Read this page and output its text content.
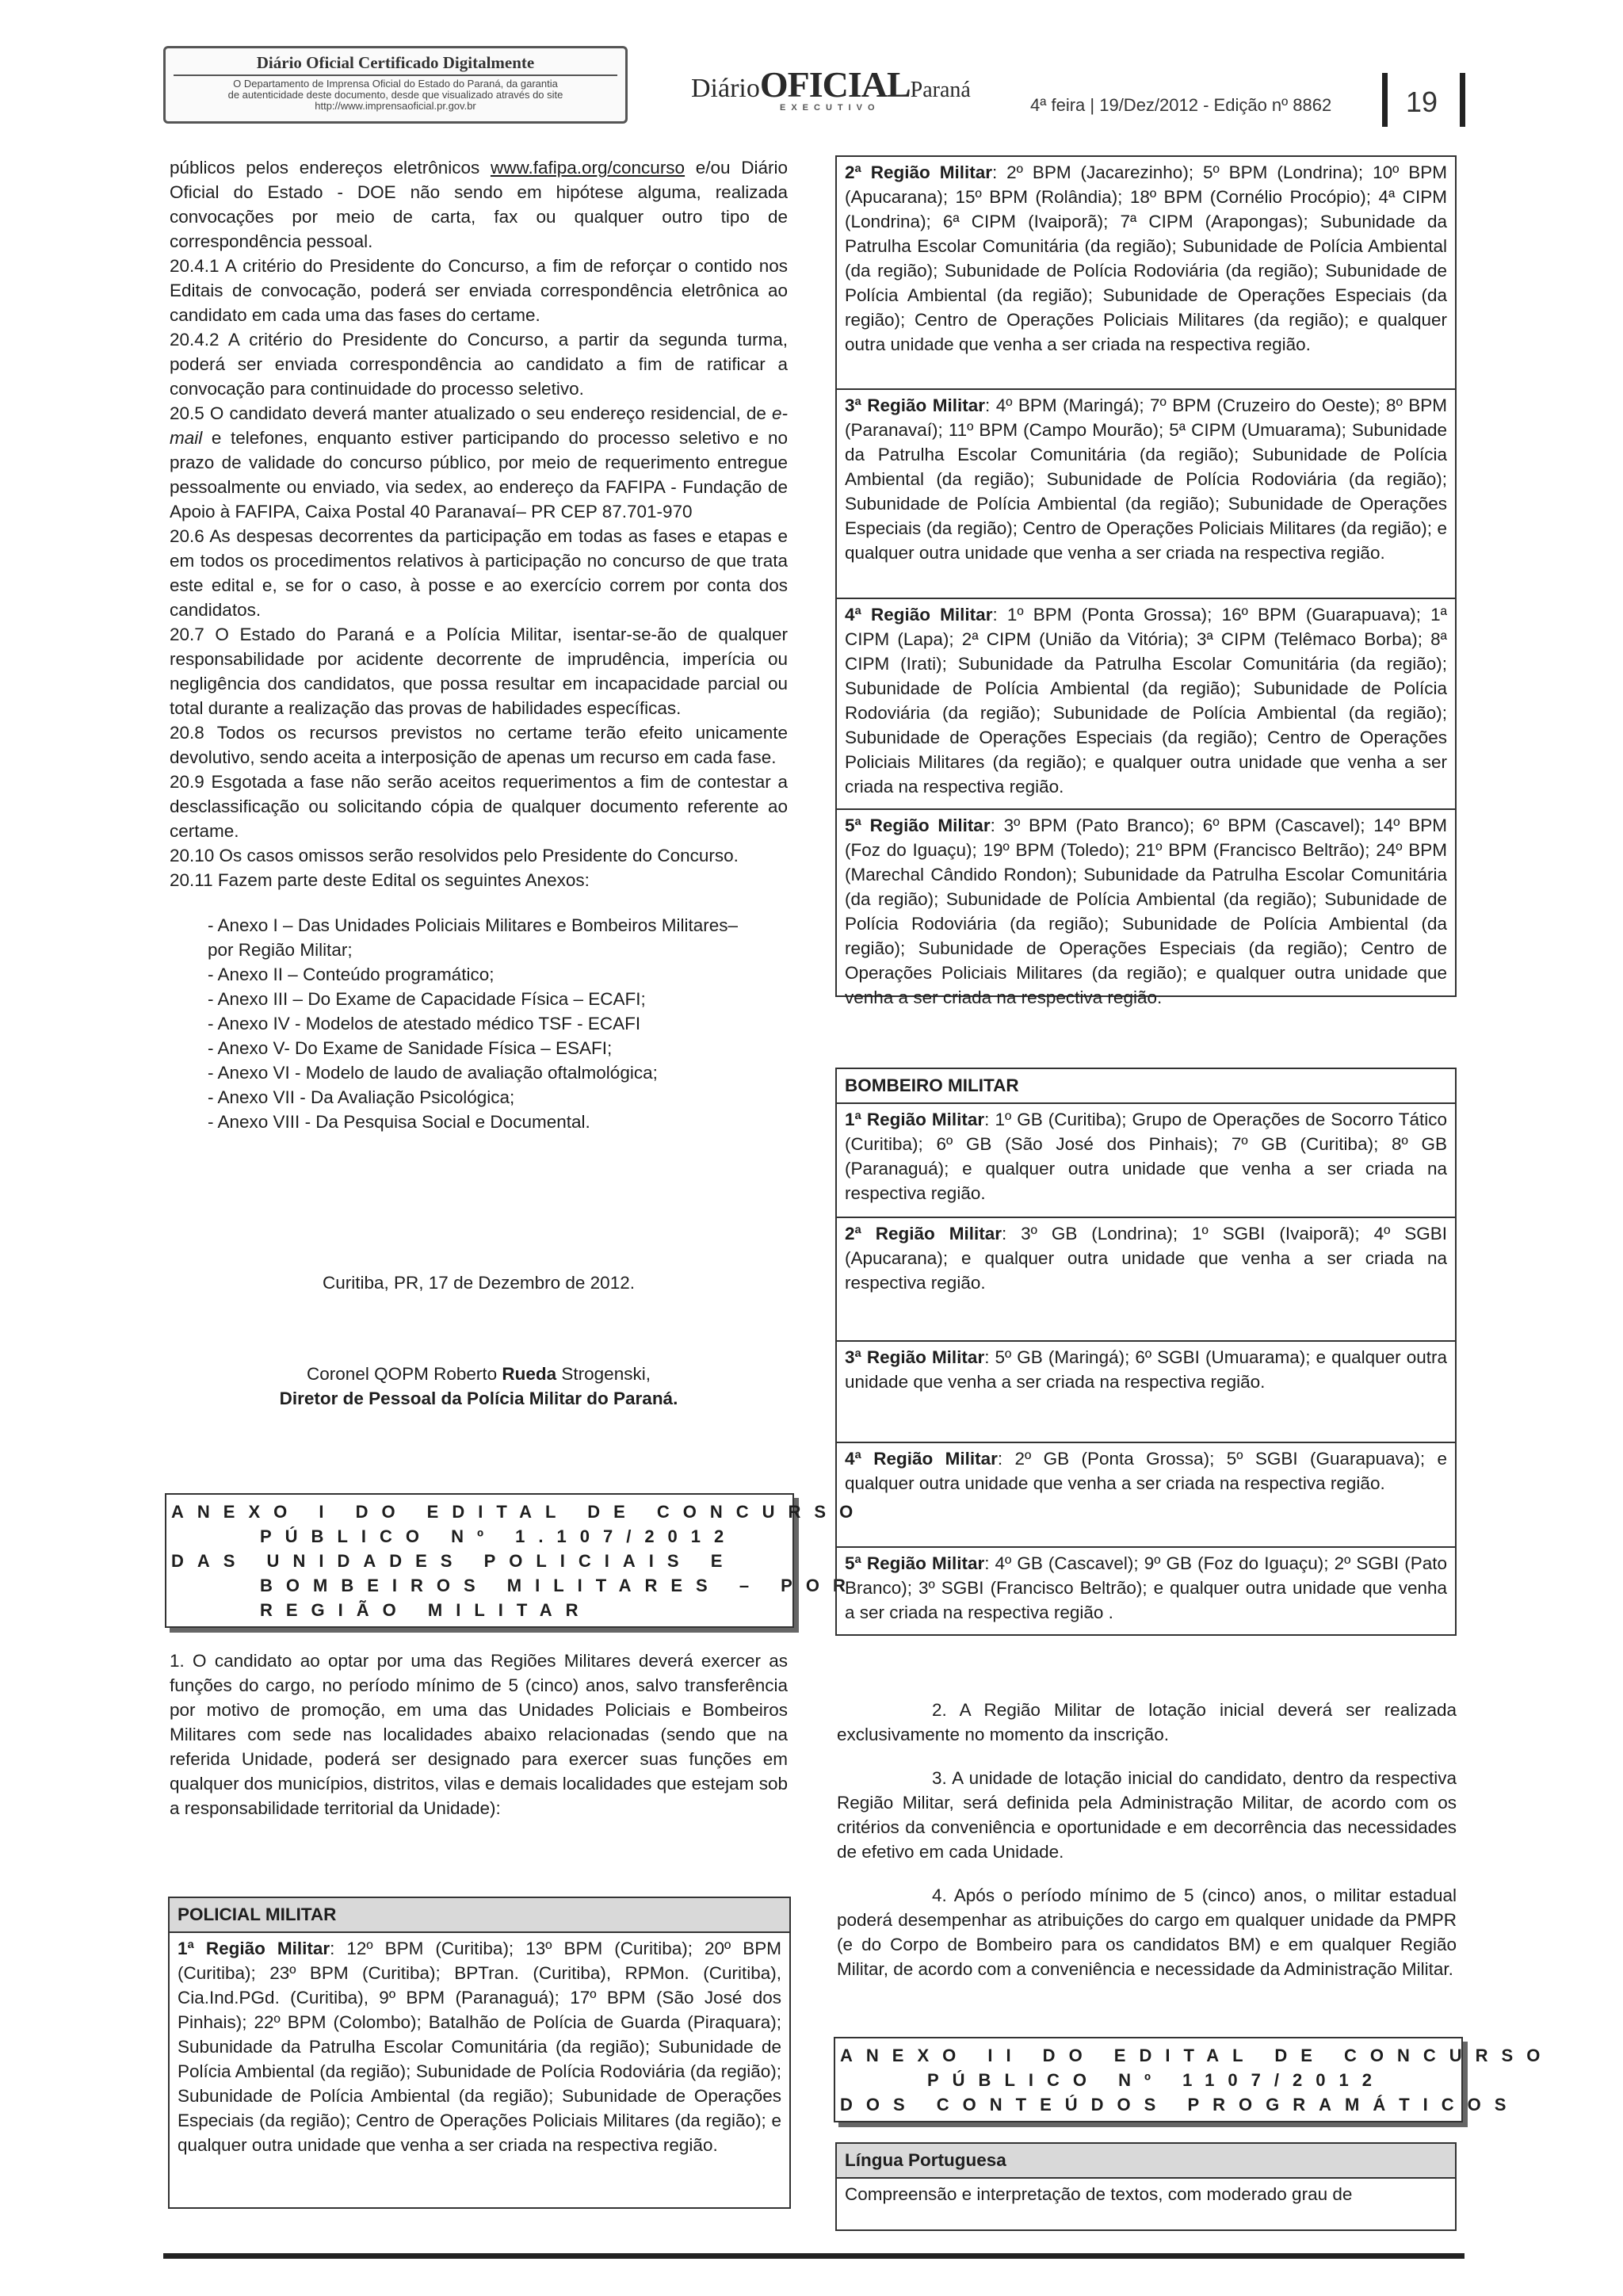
Diário Oficial Certificado Digitalmente
O Departamento de Imprensa Oficial do Estado do Paraná, da garantia
de autenticidade deste documento, desde que visualizado através do site
http://www.imprensaoficial.pr.gov.br
DiárioOFICIALParaná
EXECUTIVO	4ª feira | 19/Dez/2012 - Edição nº 8862	19

públicos pelos endereços eletrônicos www.fafipa.org/concurso e/ou Diário Oficial do Estado - DOE não sendo em hipótese alguma, realizada convocações por meio de carta, fax ou qualquer outro tipo de correspondência pessoal.

20.4.1 A critério do Presidente do Concurso, a fim de reforçar o contido nos Editais de convocação, poderá ser enviada correspondência eletrônica ao candidato em cada uma das fases do certame.

20.4.2 A critério do Presidente do Concurso, a partir da segunda turma, poderá ser enviada correspondência ao candidato a fim de ratificar a convocação para continuidade do processo seletivo.

20.5 O candidato deverá manter atualizado o seu endereço residencial, de e-mail e telefones, enquanto estiver participando do processo seletivo e no prazo de validade do concurso público, por meio de requerimento entregue pessoalmente ou enviado, via sedex, ao endereço da FAFIPA - Fundação de Apoio à FAFIPA, Caixa Postal 40 Paranavaí– PR CEP 87.701-970

20.6 As despesas decorrentes da participação em todas as fases e etapas e em todos os procedimentos relativos à participação no concurso de que trata este edital e, se for o caso, à posse e ao exercício correm por conta dos candidatos.

20.7 O Estado do Paraná e a Polícia Militar, isentar-se-ão de qualquer responsabilidade por acidente decorrente de imprudência, imperícia ou negligência dos candidatos, que possa resultar em incapacidade parcial ou total durante a realização das provas de habilidades específicas.

20.8 Todos os recursos previstos no certame terão efeito unicamente devolutivo, sendo aceita a interposição de apenas um recurso em cada fase.

20.9 Esgotada a fase não serão aceitos requerimentos a fim de contestar a desclassificação ou solicitando cópia de qualquer documento referente ao certame.

20.10 Os casos omissos serão resolvidos pelo Presidente do Concurso.

20.11 Fazem parte deste Edital os seguintes Anexos:

- Anexo I – Das Unidades Policiais Militares e Bombeiros Militares–
por Região Militar;
- Anexo II – Conteúdo programático;
- Anexo III – Do Exame de Capacidade Física – ECAFI;
- Anexo IV - Modelos de atestado médico TSF - ECAFI
- Anexo V- Do Exame de Sanidade Física – ESAFI;
- Anexo VI - Modelo de laudo de avaliação oftalmológica;
- Anexo VII - Da Avaliação Psicológica;
- Anexo VIII - Da Pesquisa Social e Documental.

Curitiba, PR, 17 de Dezembro de 2012.
Coronel QOPM Roberto Rueda Strogenski,
Diretor de Pessoal da Polícia Militar do Paraná.
ANEXO I DO EDITAL DE CONCURSO
PÚBLICO Nº 1.107/2012
DAS UNIDADES POLICIAIS E
BOMBEIROS MILITARES – POR
REGIÃO MILITAR

1. O candidato ao optar por uma das Regiões Militares deverá exercer as funções do cargo, no período mínimo de 5 (cinco) anos, salvo transferência por motivo de promoção, em uma das Unidades Policiais e Bombeiros Militares com sede nas localidades abaixo relacionadas (sendo que na referida Unidade, poderá ser designado para exercer suas funções em qualquer dos municípios, distritos, vilas e demais localidades que estejam sob a responsabilidade territorial da Unidade):

POLICIAL MILITAR
1ª Região Militar: 12º BPM (Curitiba); 13º BPM (Curitiba); 20º BPM (Curitiba); 23º BPM (Curitiba); BPTran. (Curitiba), RPMon. (Curitiba), Cia.Ind.PGd. (Curitiba), 9º BPM (Paranaguá); 17º BPM (São José dos Pinhais); 22º BPM (Colombo); Batalhão de Polícia de Guarda (Piraquara); Subunidade da Patrulha Escolar Comunitária (da região); Subunidade de Polícia Ambiental (da região); Subunidade de Polícia Rodoviária (da região); Subunidade de Polícia Ambiental (da região); Subunidade de Operações Especiais (da região); Centro de Operações Policiais Militares (da região); e qualquer outra unidade que venha a ser criada na respectiva região.
2ª Região Militar: 2º BPM (Jacarezinho); 5º BPM (Londrina); 10º BPM (Apucarana); 15º BPM (Rolândia); 18º BPM (Cornélio Procópio); 4ª CIPM (Londrina); 6ª CIPM (Ivaiporã); 7ª CIPM (Arapongas); Subunidade da Patrulha Escolar Comunitária (da região); Subunidade de Polícia Ambiental (da região); Subunidade de Polícia Rodoviária (da região); Subunidade de Polícia Ambiental (da região); Subunidade de Operações Especiais (da região); Centro de Operações Policiais Militares (da região); e qualquer outra unidade que venha a ser criada na respectiva região.
3ª Região Militar: 4º BPM (Maringá); 7º BPM (Cruzeiro do Oeste); 8º BPM (Paranavaí); 11º BPM (Campo Mourão); 5ª CIPM (Umuarama); Subunidade da Patrulha Escolar Comunitária (da região); Subunidade de Polícia Ambiental (da região); Subunidade de Polícia Rodoviária (da região); Subunidade de Polícia Ambiental (da região); Subunidade de Operações Especiais (da região); Centro de Operações Policiais Militares (da região); e qualquer outra unidade que venha a ser criada na respectiva região.
4ª Região Militar: 1º BPM (Ponta Grossa); 16º BPM (Guarapuava); 1ª CIPM (Lapa); 2ª CIPM (União da Vitória); 3ª CIPM (Telêmaco Borba); 8ª CIPM (Irati); Subunidade da Patrulha Escolar Comunitária (da região); Subunidade de Polícia Ambiental (da região); Subunidade de Polícia Rodoviária (da região); Subunidade de Polícia Ambiental (da região); Subunidade de Operações Especiais (da região); Centro de Operações Policiais Militares (da região); e qualquer outra unidade que venha a ser criada na respectiva região.
5ª Região Militar: 3º BPM (Pato Branco); 6º BPM (Cascavel); 14º BPM (Foz do Iguaçu); 19º BPM (Toledo); 21º BPM (Francisco Beltrão); 24º BPM (Marechal Cândido Rondon); Subunidade da Patrulha Escolar Comunitária (da região); Subunidade de Polícia Ambiental (da região); Subunidade de Polícia Rodoviária (da região); Subunidade de Polícia Ambiental (da região); Subunidade de Operações Especiais (da região); Centro de Operações Policiais Militares (da região); e qualquer outra unidade que venha a ser criada na respectiva região.
BOMBEIRO MILITAR
1ª Região Militar: 1º GB (Curitiba); Grupo de Operações de Socorro Tático (Curitiba); 6º GB (São José dos Pinhais); 7º GB (Curitiba); 8º GB (Paranaguá); e qualquer outra unidade que venha a ser criada na respectiva região.
2ª Região Militar: 3º GB (Londrina); 1º SGBI (Ivaiporã); 4º SGBI (Apucarana); e qualquer outra unidade que venha a ser criada na respectiva região.
3ª Região Militar: 5º GB (Maringá); 6º SGBI (Umuarama); e qualquer outra unidade que venha a ser criada na respectiva região.
4ª Região Militar: 2º GB (Ponta Grossa); 5º SGBI (Guarapuava); e qualquer outra unidade que venha a ser criada na respectiva região.
5ª Região Militar: 4º GB (Cascavel); 9º GB (Foz do Iguaçu); 2º SGBI (Pato Branco); 3º SGBI (Francisco Beltrão); e qualquer outra unidade que venha a ser criada na respectiva região .

2. A Região Militar de lotação inicial deverá ser realizada exclusivamente no momento da inscrição.

3. A unidade de lotação inicial do candidato, dentro da respectiva Região Militar, será definida pela Administração Militar, de acordo com os critérios da conveniência e oportunidade e em decorrência das necessidades de efetivo em cada Unidade.

4. Após o período mínimo de 5 (cinco) anos, o militar estadual poderá desempenhar as atribuições do cargo em qualquer unidade da PMPR (e do Corpo de Bombeiro para os candidatos BM) e em qualquer Região Militar, de acordo com a conveniência e necessidade da Administração Militar.

ANEXO II DO EDITAL DE CONCURSO
PÚBLICO Nº 1107/2012
DOS CONTEÚDOS PROGRAMÁTICOS
Língua Portuguesa
Compreensão e interpretação de textos, com moderado grau de
